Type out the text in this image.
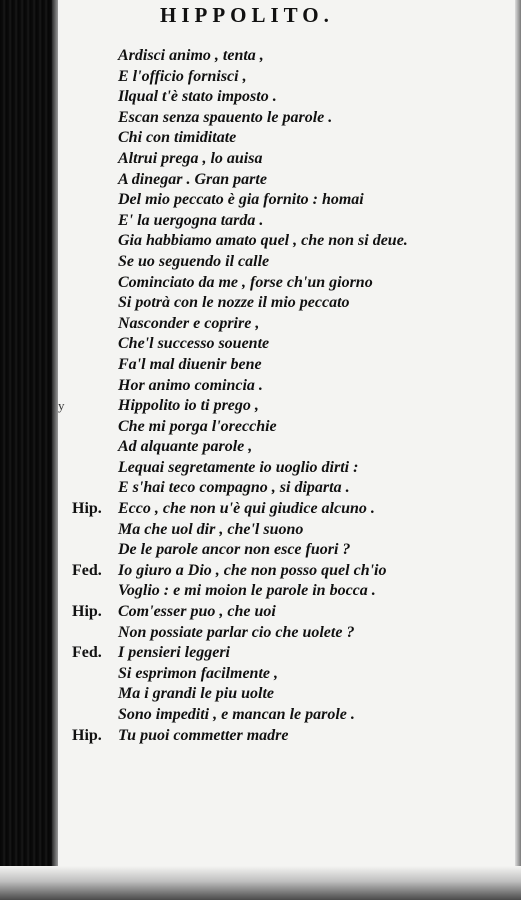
HIPPOLITO.
Ardisci animo , tenta ,
E l'officio fornisci ,
Ilqual t'è stato imposto .
Escan senza spauento le parole .
Chi con timiditate
Altrui prega , lo auisa
A dinegar . Gran parte
Del mio peccato è gia fornito : homai
E' la uergogna tarda .
Gia habbiamo amato quel , che non si deue.
Se uo seguendo il calle
Cominciato da me , forse ch'un giorno
Si potrà con le nozze il mio peccato
Nasconder e coprire ,
Che'l successo souente
Fa'l mal diuenir bene
Hor animo comincia .
y	Hippolito io ti prego ,
Che mi porga l'orecchie
Ad alquante parole ,
Lequai segretamente io uoglio dirti :
E s'hai teco compagno , si diparta .
Hip. Ecco , che non u'è qui giudice alcuno .
Ma che uol dir , che'l suono
De le parole ancor non esce fuori ?
Fed. Io giuro a Dio , che non posso quel ch'io
Voglio : e mi moion le parole in bocca .
Hip. Com'esser puo , che uoi
Non possiate parlar cio che uolete ?
Fed. I pensieri leggeri
Si esprimon facilmente ,
Ma i grandi le piu uolte
Sono impediti , e mancan le parole .
Hip. Tu puoi commetter madre
